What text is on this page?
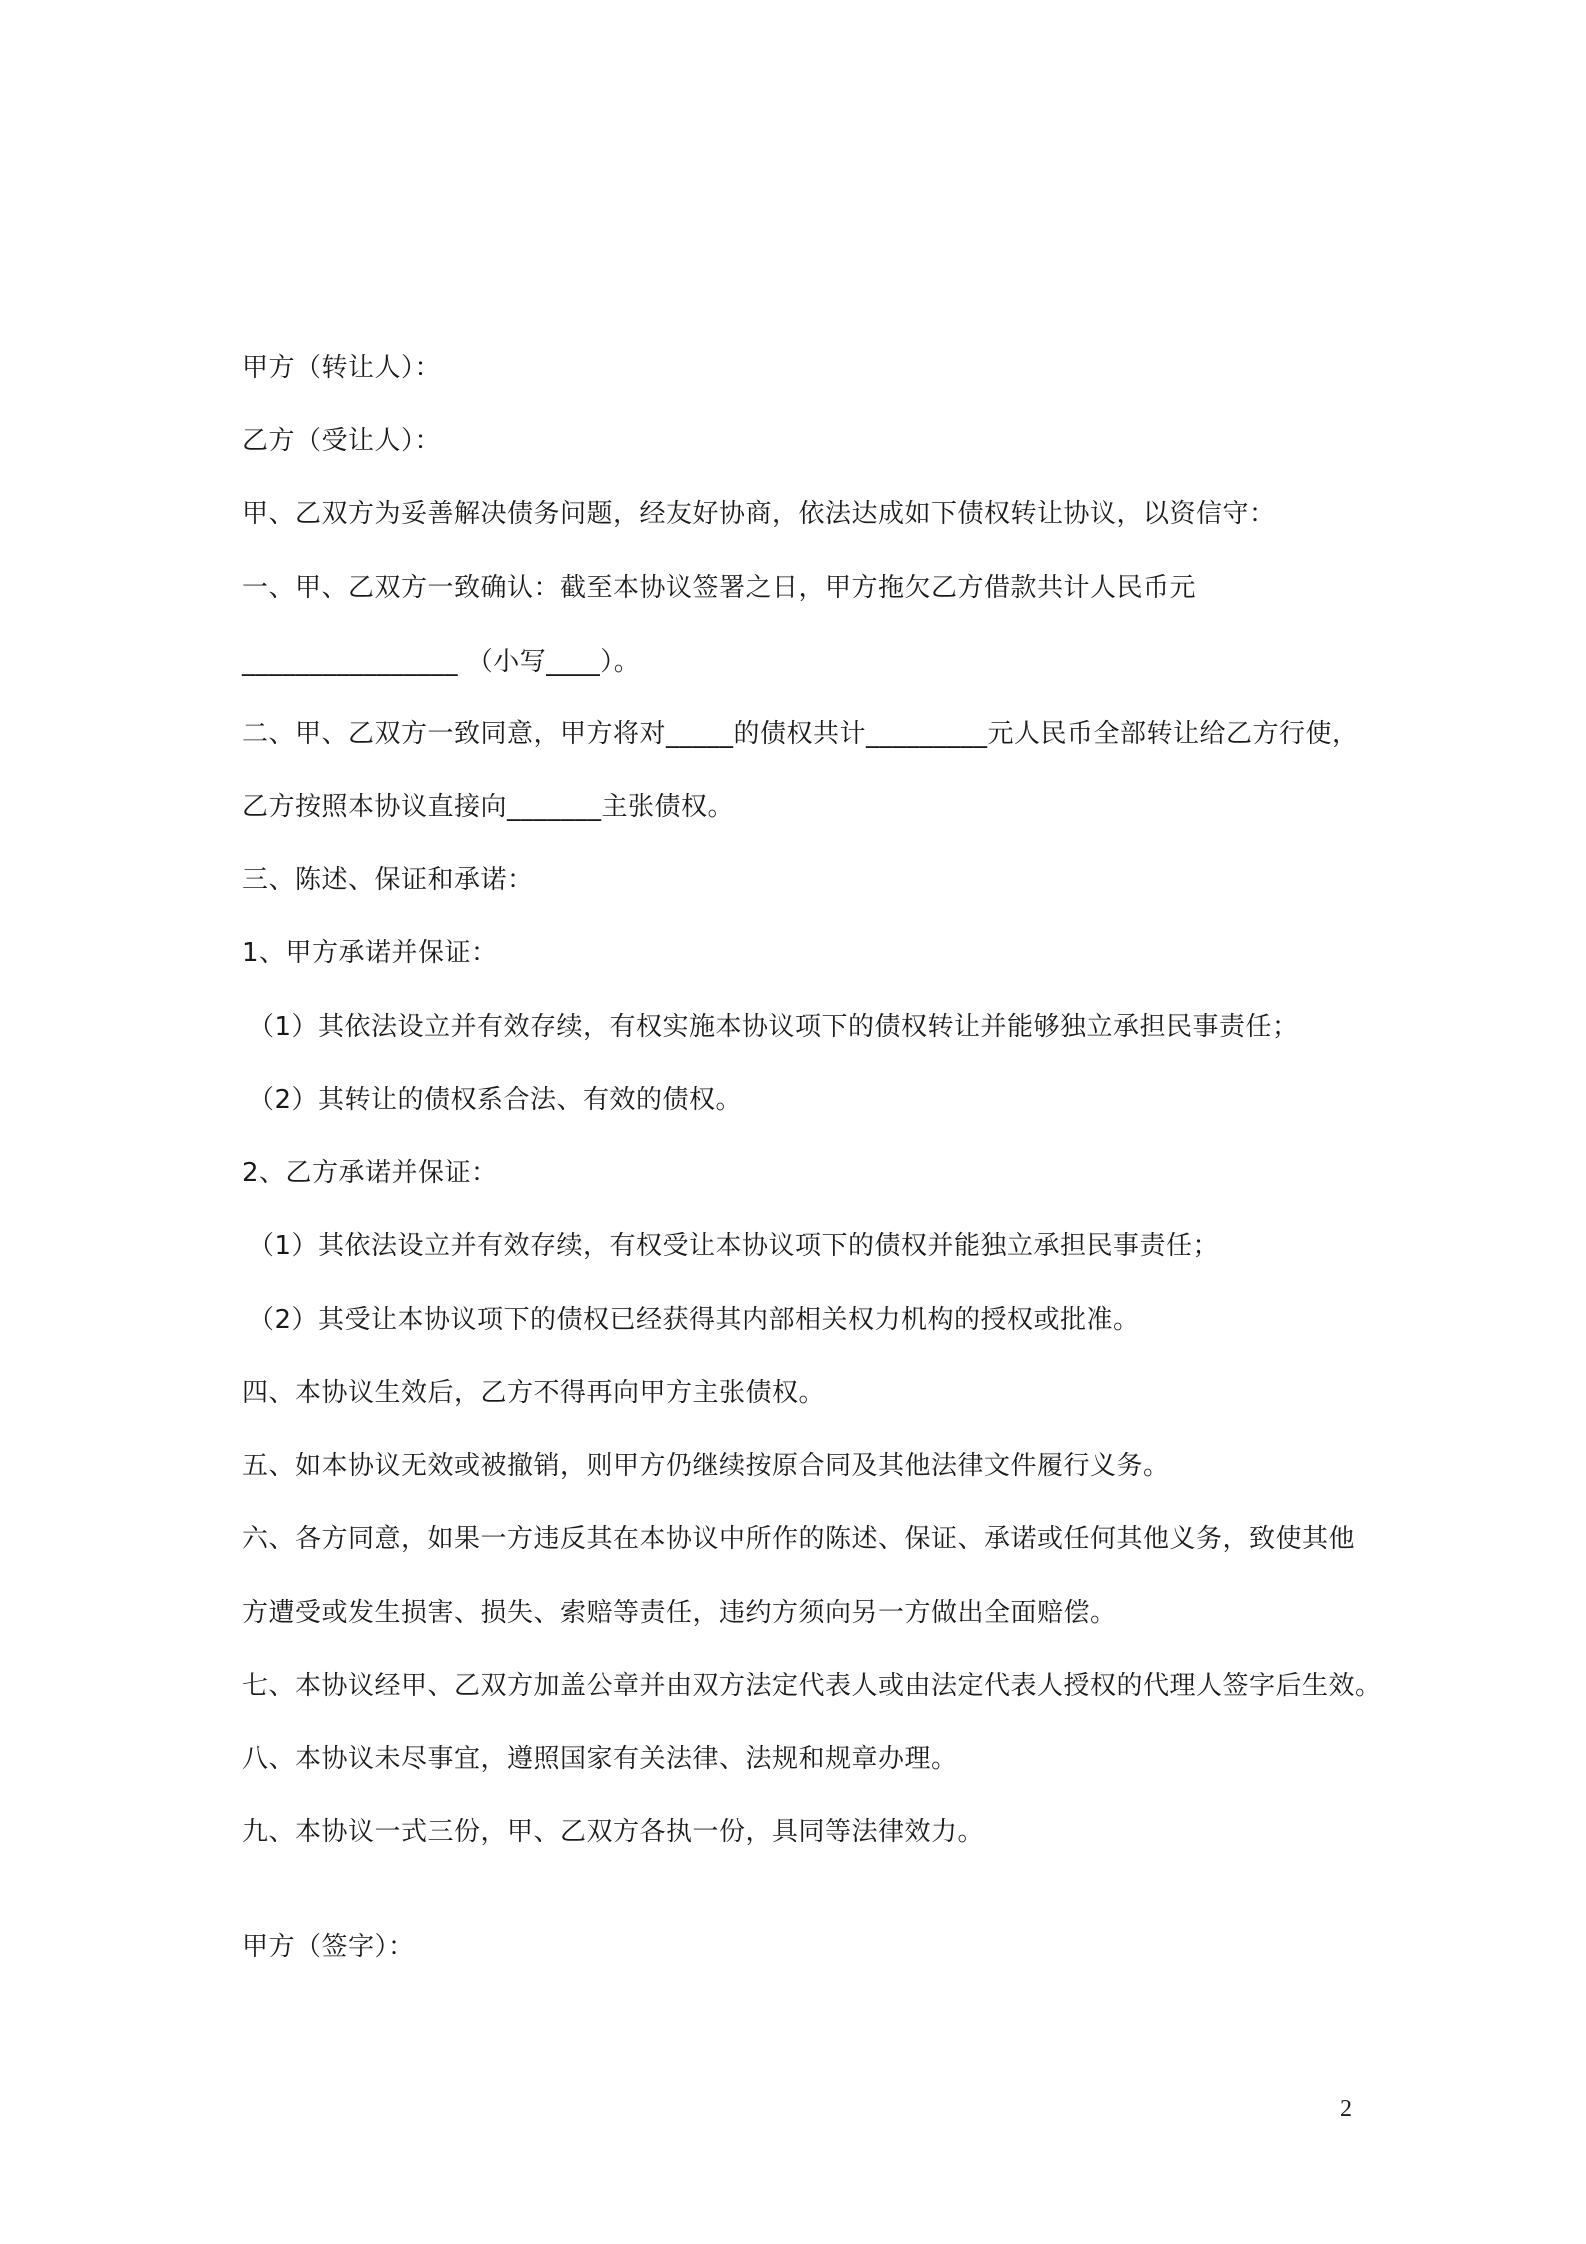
甲方（转让人）：
乙方（受让人）：
甲、乙双方为妥善解决债务问题，经友好协商，依法达成如下债权转让协议，以资信守：
一、甲、乙双方一致确认：截至本协议签署之日，甲方拖欠乙方借款共计人民币元
________________ （小写____）。
二、甲、乙双方一致同意，甲方将对_____的债权共计_________元人民币全部转让给乙方行使，
乙方按照本协议直接向_______主张债权。
三、陈述、保证和承诺：
1、甲方承诺并保证：
（1）其依法设立并有效存续，有权实施本协议项下的债权转让并能够独立承担民事责任；
（2）其转让的债权系合法、有效的债权。
2、乙方承诺并保证：
（1）其依法设立并有效存续，有权受让本协议项下的债权并能独立承担民事责任；
（2）其受让本协议项下的债权已经获得其内部相关权力机构的授权或批准。
四、本协议生效后，乙方不得再向甲方主张债权。
五、如本协议无效或被撤销，则甲方仍继续按原合同及其他法律文件履行义务。
六、各方同意，如果一方违反其在本协议中所作的陈述、保证、承诺或任何其他义务，致使其他
方遭受或发生损害、损失、索赔等责任，违约方须向另一方做出全面赔偿。
七、本协议经甲、乙双方加盖公章并由双方法定代表人或由法定代表人授权的代理人签字后生效。
八、本协议未尽事宜，遵照国家有关法律、法规和规章办理。
九、本协议一式三份，甲、乙双方各执一份，具同等法律效力。
甲方（签字）：
2
